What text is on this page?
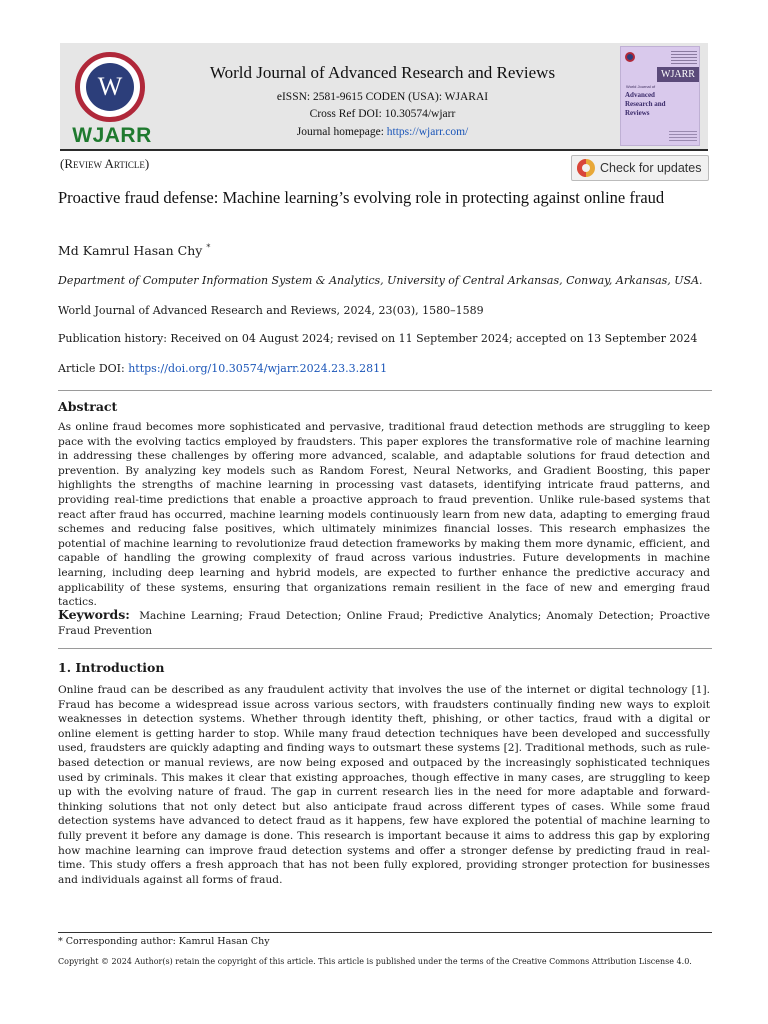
W
WJARR
World Journal of Advanced Research and Reviews
eISSN: 2581-9615 CODEN (USA): WJARAI
Cross Ref DOI: 10.30574/wjarr
Journal homepage: https://wjarr.com/
WJARR
World Journal of
Advanced
Research and
Reviews
(Review Article)	Check for updates
Proactive fraud defense: Machine learning’s evolving role in protecting against online fraud
Md Kamrul Hasan Chy *
Department of Computer Information System & Analytics, University of Central Arkansas, Conway, Arkansas, USA.
World Journal of Advanced Research and Reviews, 2024, 23(03), 1580–1589
Publication history: Received on 04 August 2024; revised on 11 September 2024; accepted on 13 September 2024
Article DOI: https://doi.org/10.30574/wjarr.2024.23.3.2811
Abstract
As online fraud becomes more sophisticated and pervasive, traditional fraud detection methods are struggling to keep pace with the evolving tactics employed by fraudsters. This paper explores the transformative role of machine learning in addressing these challenges by offering more advanced, scalable, and adaptable solutions for fraud detection and prevention. By analyzing key models such as Random Forest, Neural Networks, and Gradient Boosting, this paper highlights the strengths of machine learning in processing vast datasets, identifying intricate fraud patterns, and providing real-time predictions that enable a proactive approach to fraud prevention. Unlike rule-based systems that react after fraud has occurred, machine learning models continuously learn from new data, adapting to emerging fraud schemes and reducing false positives, which ultimately minimizes financial losses. This research emphasizes the potential of machine learning to revolutionize fraud detection frameworks by making them more dynamic, efficient, and capable of handling the growing complexity of fraud across various industries. Future developments in machine learning, including deep learning and hybrid models, are expected to further enhance the predictive accuracy and applicability of these systems, ensuring that organizations remain resilient in the face of new and emerging fraud tactics.
Keywords: Machine Learning; Fraud Detection; Online Fraud; Predictive Analytics; Anomaly Detection; Proactive Fraud Prevention
1. Introduction
Online fraud can be described as any fraudulent activity that involves the use of the internet or digital technology [1]. Fraud has become a widespread issue across various sectors, with fraudsters continually finding new ways to exploit weaknesses in detection systems. Whether through identity theft, phishing, or other tactics, fraud with a digital or online element is getting harder to stop. While many fraud detection techniques have been developed and successfully used, fraudsters are quickly adapting and finding ways to outsmart these systems [2]. Traditional methods, such as rule-based detection or manual reviews, are now being exposed and outpaced by the increasingly sophisticated techniques used by criminals. This makes it clear that existing approaches, though effective in many cases, are struggling to keep up with the evolving nature of fraud. The gap in current research lies in the need for more adaptable and forward-thinking solutions that not only detect but also anticipate fraud across different types of cases. While some fraud detection systems have advanced to detect fraud as it happens, few have explored the potential of machine learning to fully prevent it before any damage is done. This research is important because it aims to address this gap by exploring how machine learning can improve fraud detection systems and offer a stronger defense by predicting fraud in real-time. This study offers a fresh approach that has not been fully explored, providing stronger protection for businesses and individuals against all forms of fraud.
* Corresponding author: Kamrul Hasan Chy
Copyright © 2024 Author(s) retain the copyright of this article. This article is published under the terms of the Creative Commons Attribution Liscense 4.0.
